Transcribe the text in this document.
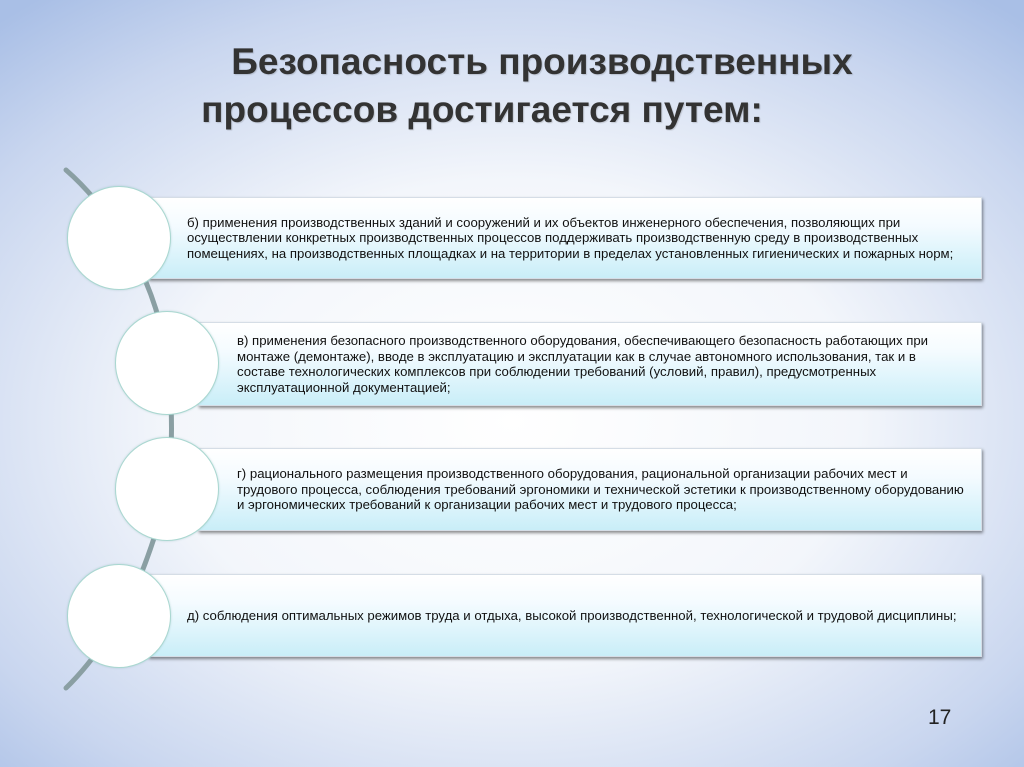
Безопасность производственных
процессов достигается путем:

б) применения производственных зданий и сооружений и их объектов инженерного обеспечения, позволяющих при осуществлении конкретных производственных процессов поддерживать производственную среду в производственных помещениях, на производственных площадках и на территории в пределах установленных гигиенических и пожарных норм;

в) применения безопасного производственного оборудования, обеспечивающего безопасность работающих при монтаже (демонтаже), вводе в эксплуатацию и эксплуатации как в случае автономного использования, так и в составе технологических комплексов при соблюдении требований (условий, правил), предусмотренных эксплуатационной документацией;

г) рационального размещения производственного оборудования, рациональной организации рабочих мест и трудового процесса, соблюдения требований эргономики и технической эстетики к производственному оборудованию и эргономических требований к организации рабочих мест и трудового процесса;

д) соблюдения оптимальных режимов труда и отдыха, высокой производственной, технологической и трудовой дисциплины;

17
